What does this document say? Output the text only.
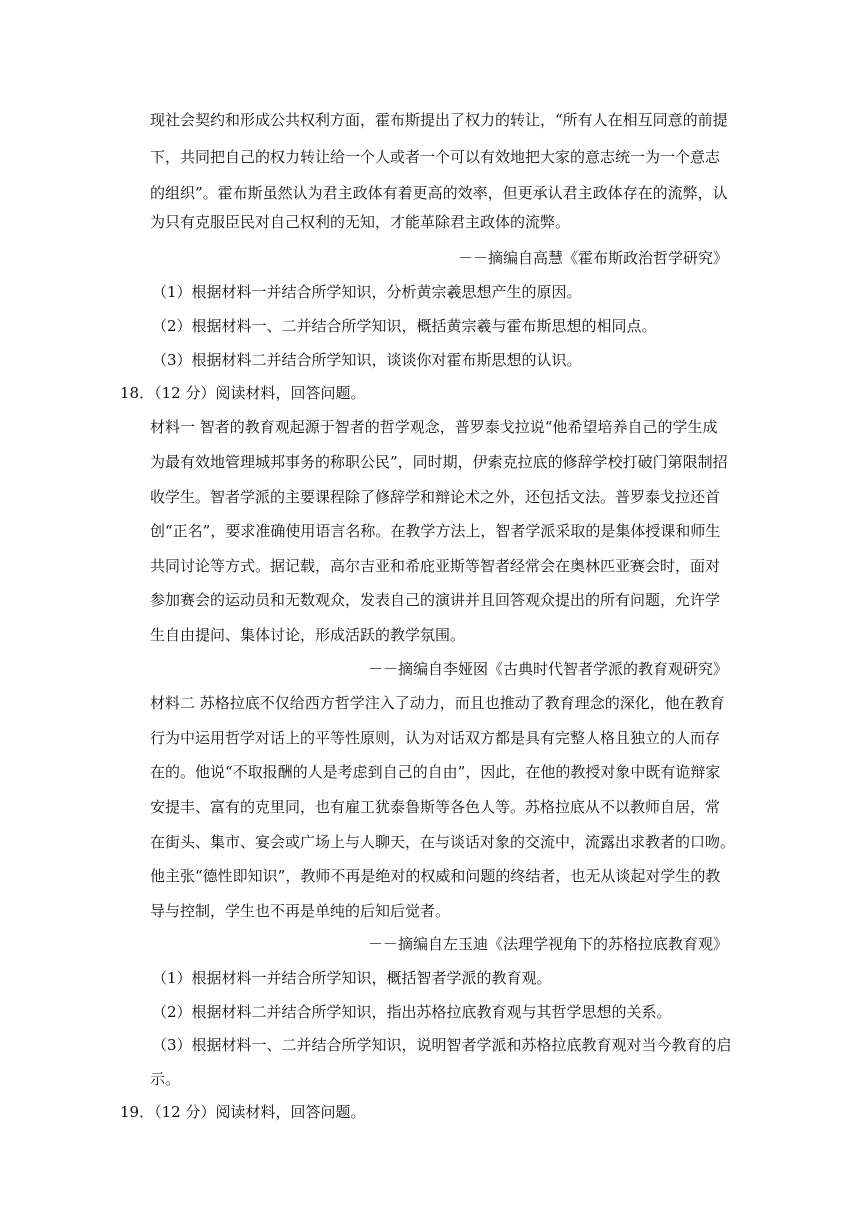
现社会契约和形成公共权利方面，霍布斯提出了权力的转让，“所有人在相互同意的前提
下，共同把自己的权力转让给一个人或者一个可以有效地把大家的意志统一为一个意志
的组织”。霍布斯虽然认为君主政体有着更高的效率，但更承认君主政体存在的流弊，认
为只有克服臣民对自己权利的无知，才能革除君主政体的流弊。
－－摘编自高慧《霍布斯政治哲学研究》
（1）根据材料一并结合所学知识，分析黄宗羲思想产生的原因。
（2）根据材料一、二并结合所学知识，概括黄宗羲与霍布斯思想的相同点。
（3）根据材料二并结合所学知识，谈谈你对霍布斯思想的认识。
18．（12 分）阅读材料，回答问题。
材料一 智者的教育观起源于智者的哲学观念，普罗泰戈拉说“他希望培养自己的学生成
为最有效地管理城邦事务的称职公民”，同时期，伊索克拉底的修辞学校打破门第限制招
收学生。智者学派的主要课程除了修辞学和辩论术之外，还包括文法。普罗泰戈拉还首
创“正名”，要求准确使用语言名称。在教学方法上，智者学派采取的是集体授课和师生
共同讨论等方式。据记载，高尔吉亚和希庇亚斯等智者经常会在奥林匹亚赛会时，面对
参加赛会的运动员和无数观众，发表自己的演讲并且回答观众提出的所有问题，允许学
生自由提问、集体讨论，形成活跃的教学氛围。
－－摘编自李娅囡《古典时代智者学派的教育观研究》
材料二 苏格拉底不仅给西方哲学注入了动力，而且也推动了教育理念的深化，他在教育
行为中运用哲学对话上的平等性原则，认为对话双方都是具有完整人格且独立的人而存
在的。他说“不取报酬的人是考虑到自己的自由”，因此，在他的教授对象中既有诡辩家
安提丰、富有的克里同，也有雇工犹泰鲁斯等各色人等。苏格拉底从不以教师自居，常
在街头、集市、宴会或广场上与人聊天，在与谈话对象的交流中，流露出求教者的口吻。
他主张“德性即知识”，教师不再是绝对的权威和问题的终结者，也无从谈起对学生的教
导与控制，学生也不再是单纯的后知后觉者。
－－摘编自左玉迪《法理学视角下的苏格拉底教育观》
（1）根据材料一并结合所学知识，概括智者学派的教育观。
（2）根据材料二并结合所学知识，指出苏格拉底教育观与其哲学思想的关系。
（3）根据材料一、二并结合所学知识，说明智者学派和苏格拉底教育观对当今教育的启
示。
19．（12 分）阅读材料，回答问题。
